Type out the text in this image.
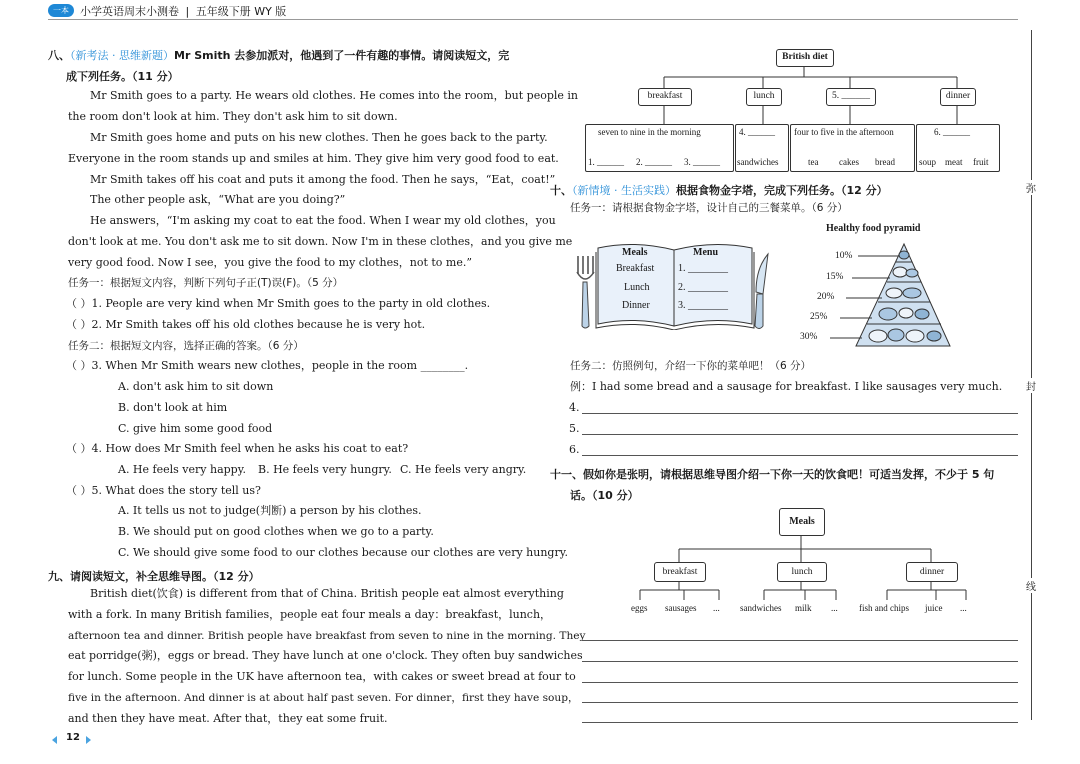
一本	小学英语周末小测卷 | 五年级下册 WY 版
弥
封
线
八、（新考法 · 思维新题）Mr Smith 去参加派对，他遇到了一件有趣的事情。请阅读短文，完
成下列任务。（11 分）
Mr Smith goes to a party. He wears old clothes. He comes into the room，but people in
the room don't look at him. They don't ask him to sit down.
Mr Smith goes home and puts on his new clothes. Then he goes back to the party.
Everyone in the room stands up and smiles at him. They give him very good food to eat.
Mr Smith takes off his coat and puts it among the food. Then he says，“Eat，coat!”
The other people ask，“What are you doing?”
He answers，“I'm asking my coat to eat the food. When I wear my old clothes，you
don't look at me. You don't ask me to sit down. Now I'm in these clothes，and you give me
very good food. Now I see，you give the food to my clothes，not to me.”
任务一：根据短文内容，判断下列句子正(T)误(F)。（5 分）
（ ）1. People are very kind when Mr Smith goes to the party in old clothes.
（ ）2. Mr Smith takes off his old clothes because he is very hot.
任务二：根据短文内容，选择正确的答案。（6 分）
（ ）3. When Mr Smith wears new clothes，people in the room ________.
A. don't ask him to sit down
B. don't look at him
C. give him some good food
（ ）4. How does Mr Smith feel when he asks his coat to eat?
A. He feels very happy. B. He feels very hungry. C. He feels very angry.
（ ）5. What does the story tell us?
A. It tells us not to judge(判断) a person by his clothes.
B. We should put on good clothes when we go to a party.
C. We should give some food to our clothes because our clothes are very hungry.
九、请阅读短文，补全思维导图。（12 分）
British diet(饮食) is different from that of China. British people eat almost everything
with a fork. In many British families，people eat four meals a day：breakfast，lunch，
afternoon tea and dinner. British people have breakfast from seven to nine in the morning. They
eat porridge(粥)，eggs or bread. They have lunch at one o'clock. They often buy sandwiches
for lunch. Some people in the UK have afternoon tea，with cakes or sweet bread at four to
five in the afternoon. And dinner is at about half past seven. For dinner，first they have soup，
and then they have meat. After that，they eat some fruit.
12
British diet
breakfast	lunch	5. ______	dinner
seven to nine in the morning
1. ______ 2. ______ 3. ______
4. ______
sandwiches
four to five in the afternoon
tea cakes bread
6. ______
soup meat fruit
十、（新情境 · 生活实践）根据食物金字塔，完成下列任务。（12 分）
任务一：请根据食物金字塔，设计自己的三餐菜单。（6 分）
Meals	Menu
Breakfast
Lunch
Dinner
1. ________
2. ________
3. ________
Healthy food pyramid
10%
15%
20%
25%
30%
任务二：仿照例句，介绍一下你的菜单吧！（6 分）
例：I had some bread and a sausage for breakfast. I like sausages very much.
4.
5.
6.
十一、假如你是张明，请根据思维导图介绍一下你一天的饮食吧！可适当发挥，不少于 5 句
话。（10 分）
Meals
breakfast	lunch	dinner
eggs sausages ... sandwiches milk ... fish and chips juice ...
